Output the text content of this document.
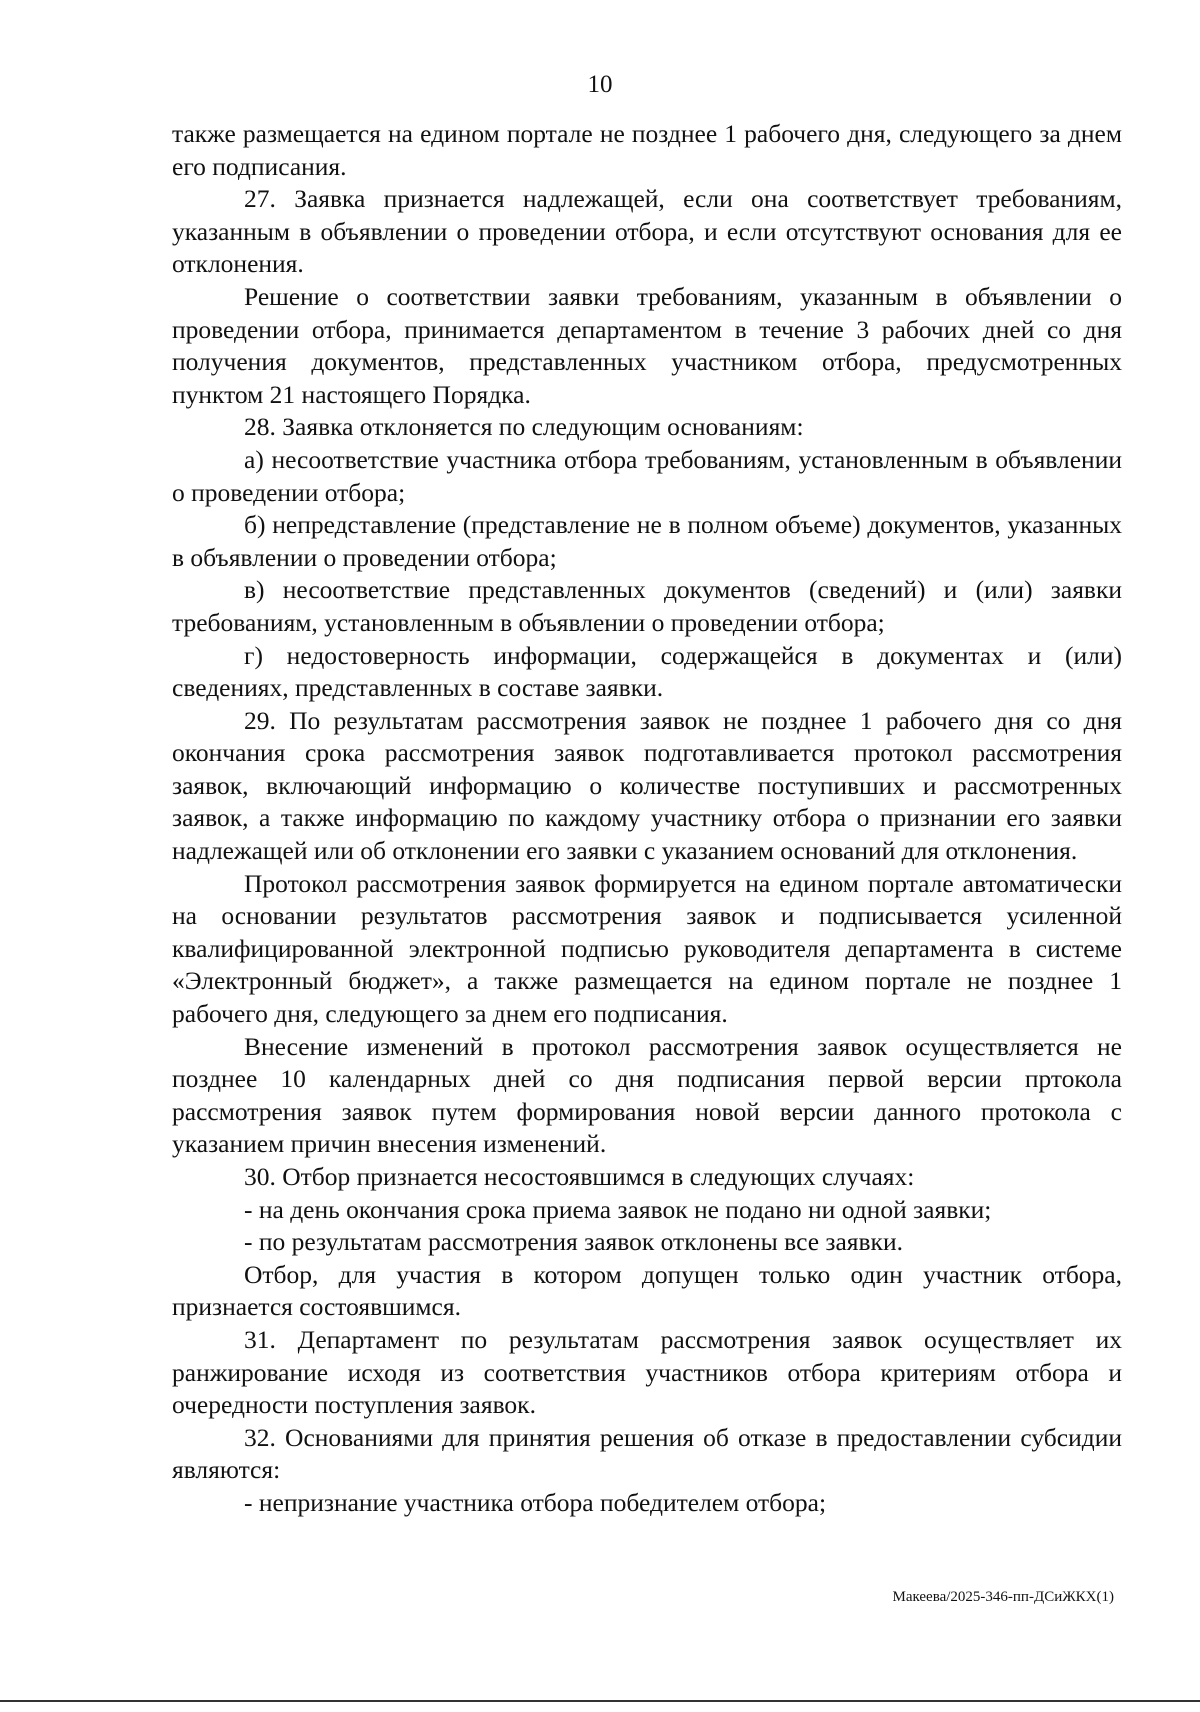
10

также размещается на едином портале не позднее 1 рабочего дня, следующего за днем его подписания.

27. Заявка признается надлежащей, если она соответствует требованиям, указанным в объявлении о проведении отбора, и если отсутствуют основания для ее отклонения.

Решение о соответствии заявки требованиям, указанным в объявлении о проведении отбора, принимается департаментом в течение 3 рабочих дней со дня получения документов, представленных участником отбора, предусмотренных пунктом 21 настоящего Порядка.

28. Заявка отклоняется по следующим основаниям:

а) несоответствие участника отбора требованиям, установленным в объявлении о проведении отбора;

б) непредставление (представление не в полном объеме) документов, указанных в объявлении о проведении отбора;

в) несоответствие представленных документов (сведений) и (или) заявки требованиям, установленным в объявлении о проведении отбора;

г) недостоверность информации, содержащейся в документах и (или) сведениях, представленных в составе заявки.

29. По результатам рассмотрения заявок не позднее 1 рабочего дня со дня окончания срока рассмотрения заявок подготавливается протокол рассмотрения заявок, включающий информацию о количестве поступивших и рассмотренных заявок, а также информацию по каждому участнику отбора о признании его заявки надлежащей или об отклонении его заявки с указанием оснований для отклонения.

Протокол рассмотрения заявок формируется на едином портале автоматически на основании результатов рассмотрения заявок и подписывается усиленной квалифицированной электронной подписью руководителя департамента в системе «Электронный бюджет», а также размещается на едином портале не позднее 1 рабочего дня, следующего за днем его подписания.

Внесение изменений в протокол рассмотрения заявок осуществляется не позднее 10 календарных дней со дня подписания первой версии пртокола рассмотрения заявок путем формирования новой версии данного протокола с указанием причин внесения изменений.

30. Отбор признается несостоявшимся в следующих случаях:

- на день окончания срока приема заявок не подано ни одной заявки;

- по результатам рассмотрения заявок отклонены все заявки.

Отбор, для участия в котором допущен только один участник отбора, признается состоявшимся.

31. Департамент по результатам рассмотрения заявок осуществляет их ранжирование исходя из соответствия участников отбора критериям отбора и очередности поступления заявок.

32. Основаниями для принятия решения об отказе в предоставлении субсидии являются:

- непризнание участника отбора победителем отбора;

Макеева/2025-346-пп-ДСиЖКХ(1)
